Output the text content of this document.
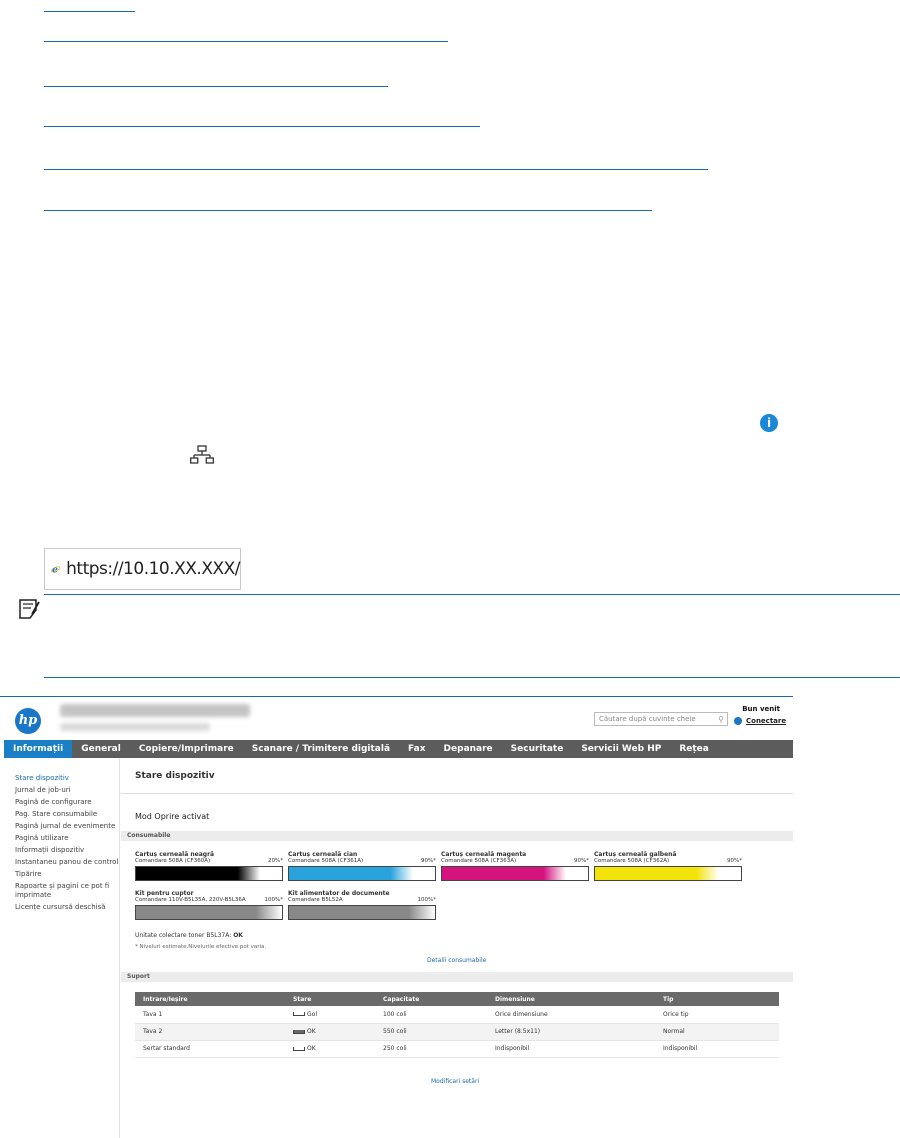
i
e https://10.10.XX.XXX/
hp	Căutare după cuvinte cheie	⚲
Bun venit
Conectare
Informații	General	Copiere/Imprimare	Scanare / Trimitere digitală	Fax	Depanare	Securitate	Servicii Web HP	Rețea
Stare dispozitiv
Jurnal de job-uri
Pagină de configurare
Pag. Stare consumabile
Pagină jurnal de evenimente
Pagină utilizare
Informații dispozitiv
Instantaneu panou de control
Tipărire
Rapoarte și pagini ce pot fi imprimate
Licențe cursursă deschisă
Stare dispozitiv
Mod Oprire activat
Consumabile
Cartuș cerneală neagră
Comandare 508A (CF360A)	20%*
Cartuș cerneală cian
Comandare 508A (CF361A)	90%*
Cartuș cerneală magenta
Comandare 508A (CF363A)	90%*
Cartuș cerneală galbenă
Comandare 508A (CF362A)	90%*
Kit pentru cuptor
Comandare 110V-B5L35A, 220V-B5L36A	100%*
Kit alimentator de documente
Comandare B5L52A	100%*
Unitate colectare toner B5L37A: OK
* Niveluri estimate.Nivelurile efective pot varia.
Detalii consumabile
Suport
Intrare/Ieșire	Stare	Capacitate	Dimensiune	Tip
Tava 1	Gol	100 coli	Orice dimensiune	Orice tip
Tava 2	OK	550 coli	Letter (8.5x11)	Normal
Sertar standard	OK	250 coli	Indisponibil	Indisponibil
Modificari setări
